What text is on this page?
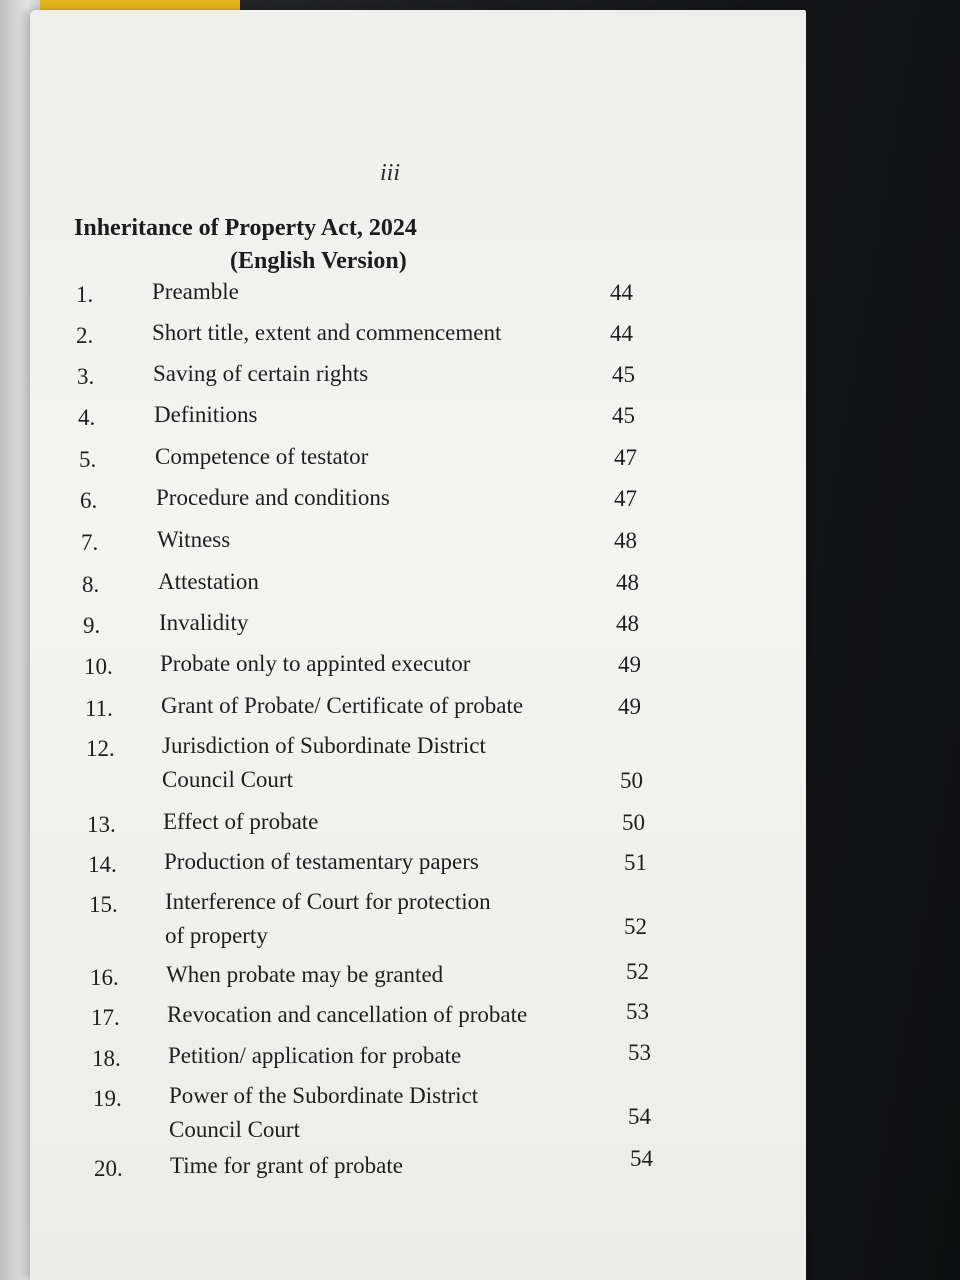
iii
Inheritance of Property Act, 2024
(English Version)
1.	Preamble	44
2.	Short title, extent and commencement	44
3.	Saving of certain rights	45
4.	Definitions	45
5.	Competence of testator	47
6.	Procedure and conditions	47
7.	Witness	48
8.	Attestation	48
9.	Invalidity	48
10. Probate only to appinted executor	49
11. Grant of Probate/ Certificate of probate	49
12. Jurisdiction of Subordinate District
Council Court	50
13. Effect of probate	50
14. Production of testamentary papers	51
15. Interference of Court for protection
of property	52
16. When probate may be granted	52
17. Revocation and cancellation of probate	53
18. Petition/ application for probate	53
19. Power of the Subordinate District
Council Court
54
20. Time for grant of probate	54
